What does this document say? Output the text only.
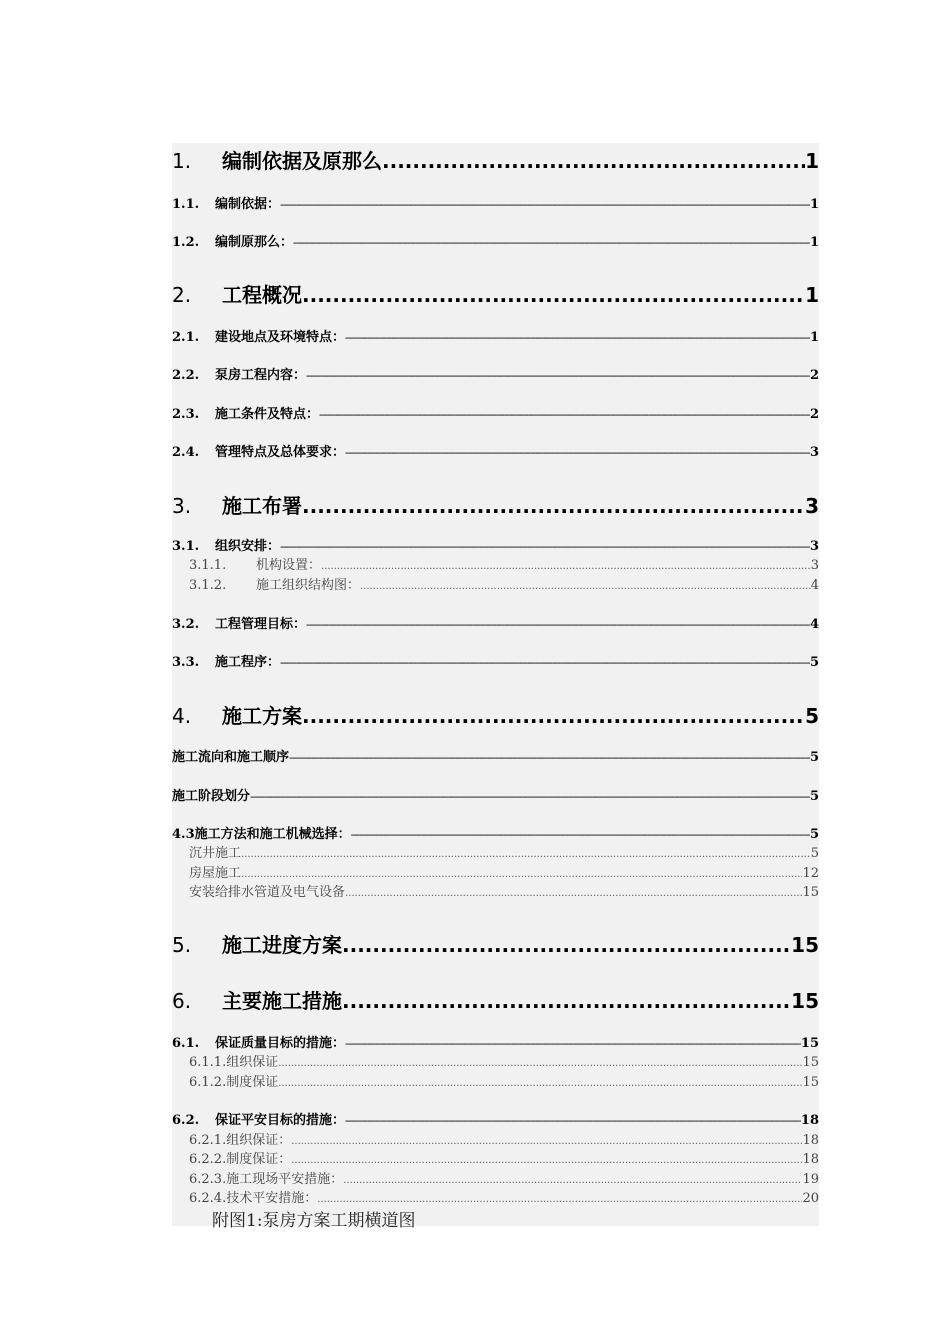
1.	编制依据及原那么 .....	1
1.1.	编制依据： -----	1
1.2.	编制原那么： -----	1
2.	工程概况 .....	1
2.1.	建设地点及环境特点： -----	1
2.2.	泵房工程内容： -----	2
2.3.	施工条件及特点： -----	2
2.4.	管理特点及总体要求： -----	3
3.	施工布署 .....	3
3.1.	组织安排： -----	3
3.1.1.	机构设置： .....	3
3.1.2.	施工组织结构图： .....	4
3.2.	工程管理目标： -----	4
3.3.	施工程序： -----	5
4.	施工方案 .....	5
施工流向和施工顺序 -----	5
施工阶段划分 -----	5
4.3施工方法和施工机械选择： -----	5
沉井施工 .....	5
房屋施工 .....	12
安装给排水管道及电气设备 .....	15
5.	施工进度方案 .....	15
6.	主要施工措施 .....	15
6.1.	保证质量目标的措施： -----	15
6.1.1.组织保证 .....	15
6.1.2.制度保证 .....	15
6.2.	保证平安目标的措施： -----	18
6.2.1.组织保证： .....	18
6.2.2.制度保证： .....	18
6.2.3.施工现场平安措施： .....	19
6.2.4.技术平安措施： .....	20
附图1:泵房方案工期横道图
